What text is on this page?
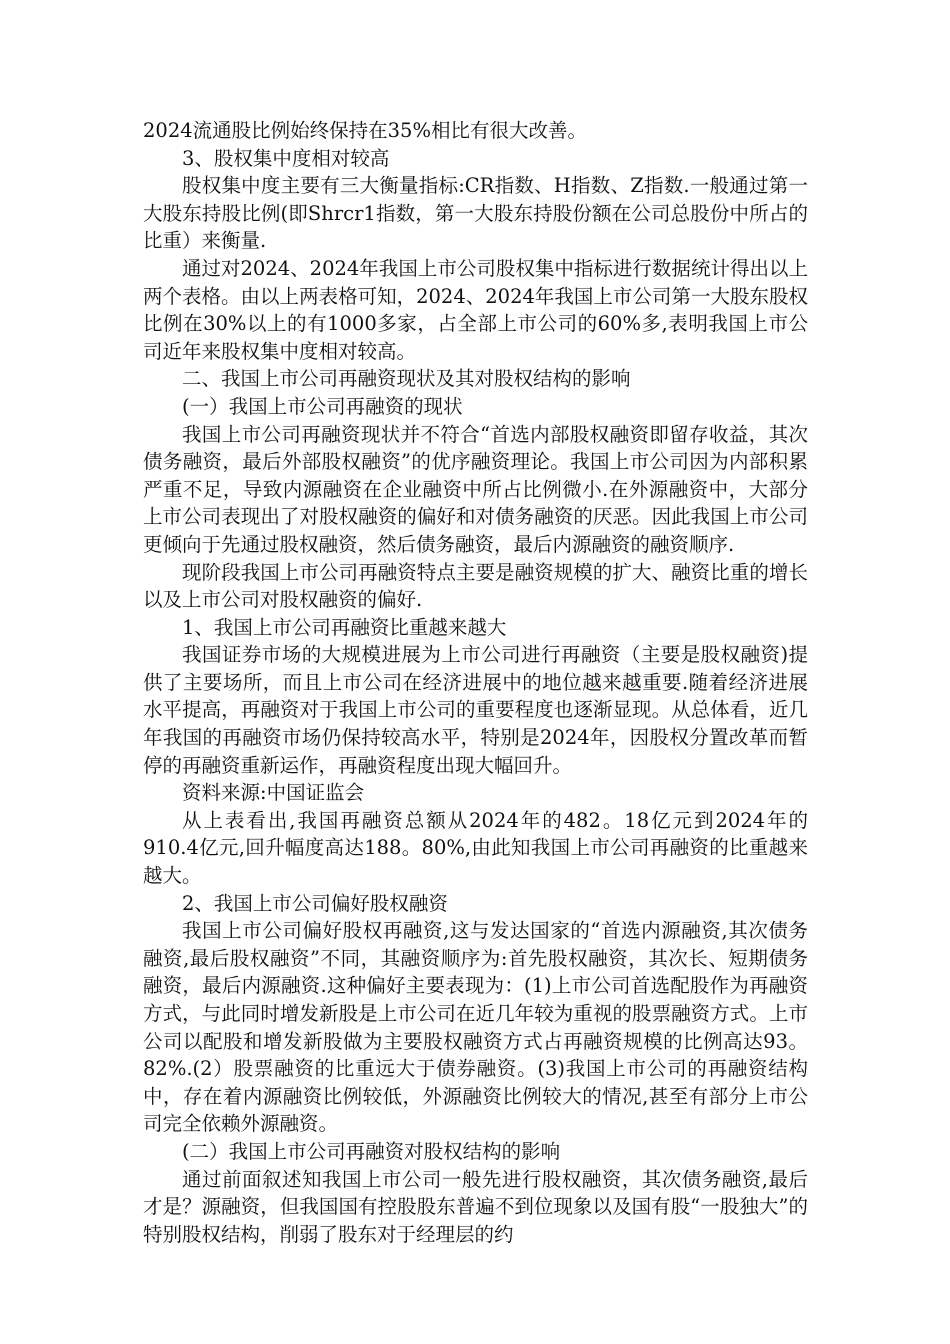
2024流通股比例始终保持在35%相比有很大改善。

3、股权集中度相对较高

股权集中度主要有三大衡量指标:CR指数、H指数、Z指数.一般通过第一大股东持股比例(即Shrcr1指数，第一大股东持股份额在公司总股份中所占的比重）来衡量.

通过对2024、2024年我国上市公司股权集中指标进行数据统计得出以上两个表格。由以上两表格可知，2024、2024年我国上市公司第一大股东股权比例在30%以上的有1000多家，占全部上市公司的60%多,表明我国上市公司近年来股权集中度相对较高。

二、我国上市公司再融资现状及其对股权结构的影响

(一）我国上市公司再融资的现状

我国上市公司再融资现状并不符合“首选内部股权融资即留存收益，其次债务融资，最后外部股权融资”的优序融资理论。我国上市公司因为内部积累严重不足，导致内源融资在企业融资中所占比例微小.在外源融资中，大部分上市公司表现出了对股权融资的偏好和对债务融资的厌恶。因此我国上市公司更倾向于先通过股权融资，然后债务融资，最后内源融资的融资顺序.

现阶段我国上市公司再融资特点主要是融资规模的扩大、融资比重的增长以及上市公司对股权融资的偏好.

1、我国上市公司再融资比重越来越大

我国证券市场的大规模进展为上市公司进行再融资（主要是股权融资)提供了主要场所，而且上市公司在经济进展中的地位越来越重要.随着经济进展水平提高，再融资对于我国上市公司的重要程度也逐渐显现。从总体看，近几年我国的再融资市场仍保持较高水平，特别是2024年，因股权分置改革而暂停的再融资重新运作，再融资程度出现大幅回升。

资料来源:中国证监会

从上表看出,我国再融资总额从2024年的482。18亿元到2024年的910.4亿元,回升幅度高达188。80%,由此知我国上市公司再融资的比重越来越大。

2、我国上市公司偏好股权融资

我国上市公司偏好股权再融资,这与发达国家的“首选内源融资,其次债务融资,最后股权融资”不同，其融资顺序为:首先股权融资，其次长、短期债务融资，最后内源融资.这种偏好主要表现为：(1)上市公司首选配股作为再融资方式，与此同时增发新股是上市公司在近几年较为重视的股票融资方式。上市公司以配股和增发新股做为主要股权融资方式占再融资规模的比例高达93。82%.(2）股票融资的比重远大于债券融资。(3)我国上市公司的再融资结构中，存在着内源融资比例较低，外源融资比例较大的情况,甚至有部分上市公司完全依赖外源融资。

(二）我国上市公司再融资对股权结构的影响

通过前面叙述知我国上市公司一般先进行股权融资，其次债务融资,最后才是？源融资，但我国国有控股股东普遍不到位现象以及国有股“一股独大”的特别股权结构，削弱了股东对于经理层的约
